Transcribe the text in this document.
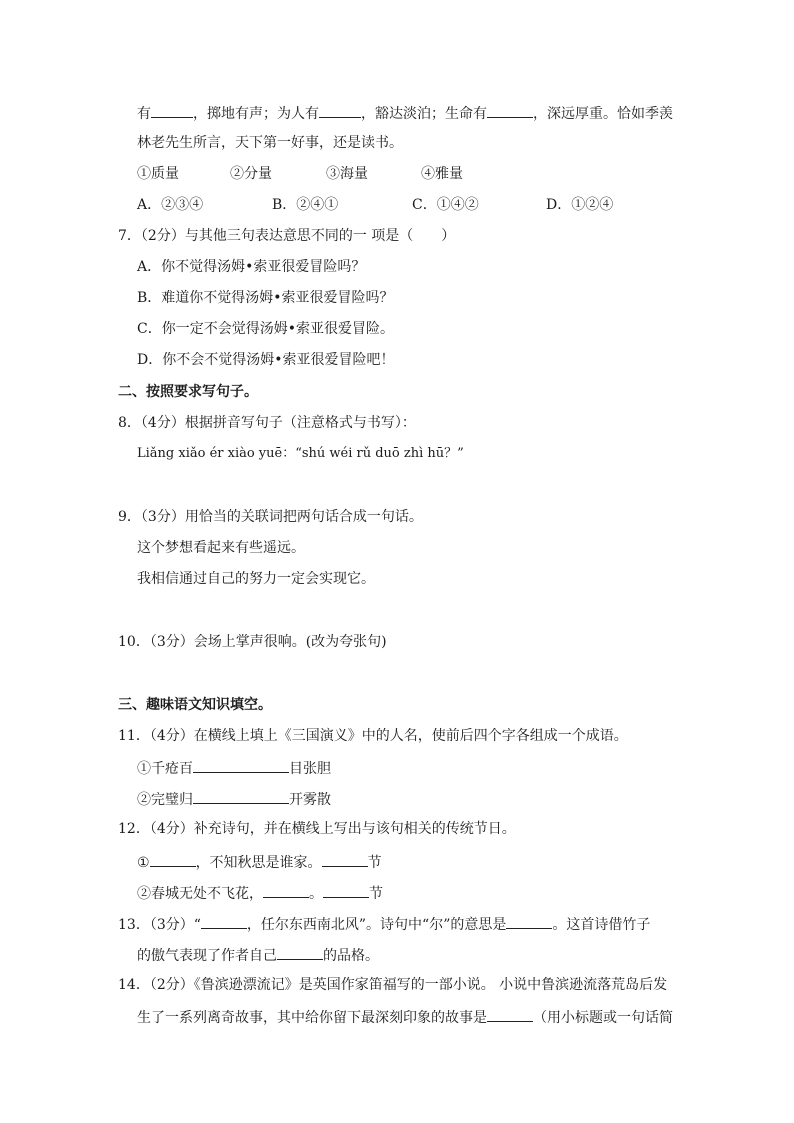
有	，掷地有声；为人有	，豁达淡泊；生命有	，深远厚重。恰如季羡
林老先生所言，天下第一好事，还是读书。
①质量	②分量	③海量	④雅量
A．②③④	B．②④①	C．①④②	D．①②④
7．（2分）与其他三句表达意思不同的一 项是（　　）
A．你不觉得汤姆•索亚很爱冒险吗？
B．难道你不觉得汤姆•索亚很爱冒险吗？
C．你一定不会觉得汤姆•索亚很爱冒险。
D．你不会不觉得汤姆•索亚很爱冒险吧！
二、按照要求写句子。
8．（4分）根据拼音写句子（注意格式与书写）：
Liǎng xiǎo ér xiào yuē：“shú wéi rǔ duō zhì hū？”
9．（3分）用恰当的关联词把两句话合成一句话。
这个梦想看起来有些遥远。
我相信通过自己的努力一定会实现它。
10．（3分）会场上掌声很响。(改为夸张句)
三、趣味语文知识填空。
11．（4分）在横线上填上《三国演义》中的人名，使前后四个字各组成一个成语。
①千疮百	目张胆
②完璧归	开雾散
12．（4分）补充诗句，并在横线上写出与该句相关的传统节日。
①	，不知秋思是谁家。	节
②春城无处不飞花，	。	节
13．（3分）“	，任尔东西南北风”。诗句中“尔”的意思是	。这首诗借竹子
的傲气表现了作者自己	的品格。
14．（2分）《鲁滨逊漂流记》是英国作家笛福写的一部小说。 小说中鲁滨逊流落荒岛后发
生了一系列离奇故事，其中给你留下最深刻印象的故事是	（用小标题或一句话简
